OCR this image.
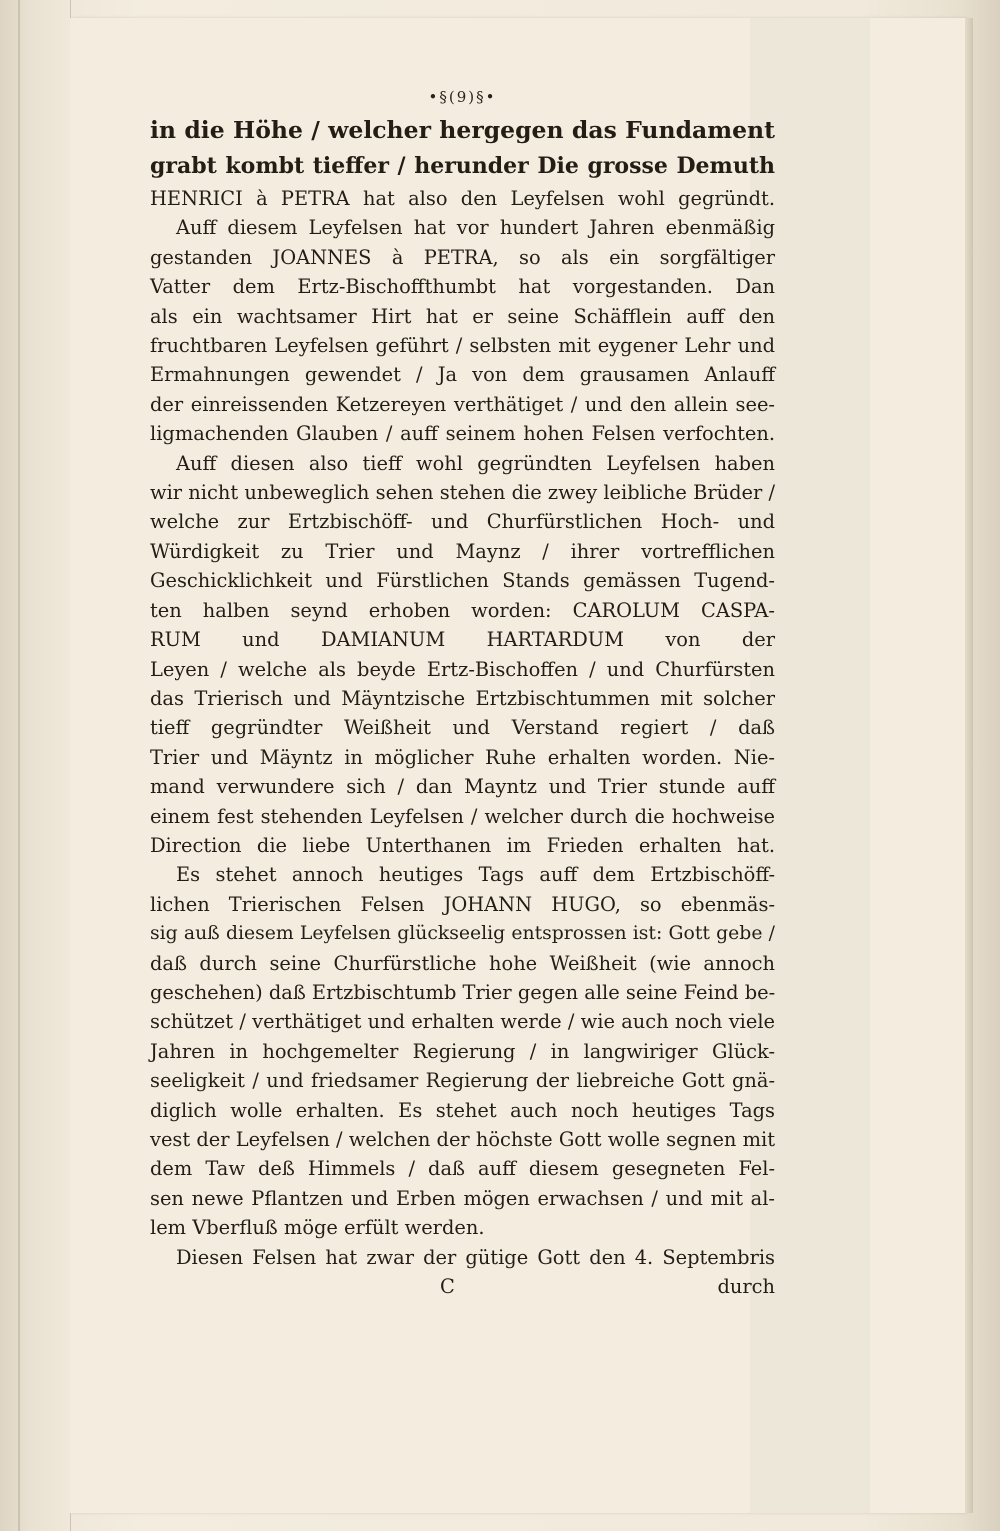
•§(9)§•
in die Höhe / welcher hergegen das Fundament
grabt kombt tieffer / herunder Die grosse Demuth
HENRICI à PETRA hat also den Leyfelsen wohl gegründt.
Auff diesem Leyfelsen hat vor hundert Jahren ebenmäßig
gestanden JOANNES à PETRA, so als ein sorgfältiger
Vatter dem Ertz-Bischoffthumbt hat vorgestanden. Dan
als ein wachtsamer Hirt hat er seine Schäfflein auff den
fruchtbaren Leyfelsen geführt / selbsten mit eygener Lehr und
Ermahnungen gewendet / Ja von dem grausamen Anlauff
der einreissenden Ketzereyen verthätiget / und den allein see-
ligmachenden Glauben / auff seinem hohen Felsen verfochten.
Auff diesen also tieff wohl gegründten Leyfelsen haben
wir nicht unbeweglich sehen stehen die zwey leibliche Brüder /
welche zur Ertzbischöff- und Churfürstlichen Hoch- und
Würdigkeit zu Trier und Maynz / ihrer vortrefflichen
Geschicklichkeit und Fürstlichen Stands gemässen Tugend-
ten halben seynd erhoben worden: CAROLUM CASPA-
RUM und DAMIANUM HARTARDUM von der
Leyen / welche als beyde Ertz-Bischoffen / und Churfürsten
das Trierisch und Mäyntzische Ertzbischtummen mit solcher
tieff gegründter Weißheit und Verstand regiert / daß
Trier und Mäyntz in möglicher Ruhe erhalten worden. Nie-
mand verwundere sich / dan Mayntz und Trier stunde auff
einem fest stehenden Leyfelsen / welcher durch die hochweise
Direction die liebe Unterthanen im Frieden erhalten hat.
Es stehet annoch heutiges Tags auff dem Ertzbischöff-
lichen Trierischen Felsen JOHANN HUGO, so ebenmäs-
sig auß diesem Leyfelsen glückseelig entsprossen ist: Gott gebe /
daß durch seine Churfürstliche hohe Weißheit (wie annoch
geschehen) daß Ertzbischtumb Trier gegen alle seine Feind be-
schützet / verthätiget und erhalten werde / wie auch noch viele
Jahren in hochgemelter Regierung / in langwiriger Glück-
seeligkeit / und friedsamer Regierung der liebreiche Gott gnä-
diglich wolle erhalten. Es stehet auch noch heutiges Tags
vest der Leyfelsen / welchen der höchste Gott wolle segnen mit
dem Taw deß Himmels / daß auff diesem gesegneten Fel-
sen newe Pflantzen und Erben mögen erwachsen / und mit al-
lem Vberfluß möge erfült werden.
Diesen Felsen hat zwar der gütige Gott den 4. Septembris
C	durch
